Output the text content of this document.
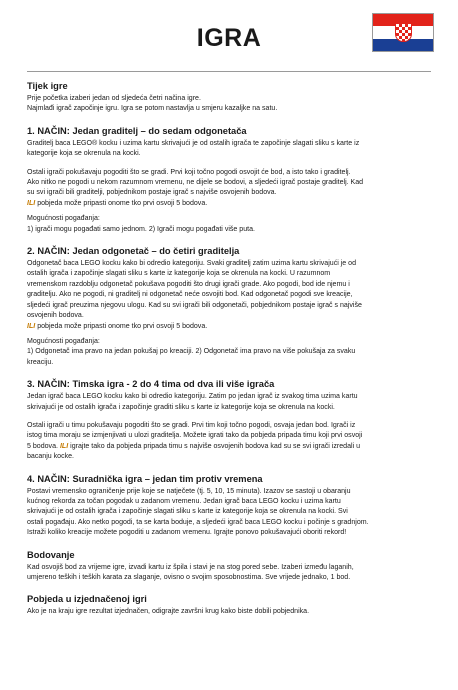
IGRA
Tijek igre
Prije početka izaberi jedan od sljedeća četri načina igre.
Najmlađi igrač započinje igru. Igra se potom nastavlja u smjeru kazaljke na satu.
1. NAČIN: Jedan graditelj – do sedam odgonetača
Graditelj baca LEGO® kocku i uzima kartu skrivajući je od ostalih igrača te započinje slagati sliku s karte iz
kategorije koja se okrenula na kocki.
Ostali igrači pokušavaju pogoditi što se gradi. Prvi koji točno pogodi osvojit će bod, a isto tako i graditelj.
Ako nitko ne pogodi u nekom razumnom vremenu, ne dijele se bodovi, a sljedeći igrač postaje graditelj. Kad
su svi igrači bili graditelji, pobjednikom postaje igrač s najviše osvojenih bodova.
ILI pobjeda može pripasti onome tko prvi osvoji 5 bodova.
Mogućnosti pogađanja:
1) igrači mogu pogađati samo jednom. 2) Igrači mogu pogađati više puta.
2. NAČIN: Jedan odgonetač – do četiri graditelja
Odgonetač baca LEGO kocku kako bi odredio kategoriju. Svaki graditelj zatim uzima kartu skrivajući je od
ostalih igrača i započinje slagati sliku s karte iz kategorije koja se okrenula na kocki. U razumnom
vremenskom razdoblju odgonetač pokušava pogoditi što drugi igrači grade. Ako pogodi, bod ide njemu i
graditelju. Ako ne pogodi, ni graditelj ni odgonetač neće osvojiti bod. Kad odgonetač pogodi sve kreacije,
sljedeći igrač preuzima njegovu ulogu. Kad su svi igrači bili odgonetači, pobjednikom postaje igrač s najviše
osvojenih bodova.
ILI pobjeda može pripasti onome tko prvi osvoji 5 bodova.
Mogućnosti pogađanja:
1) Odgonetač ima pravo na jedan pokušaj po kreaciji. 2) Odgonetač ima pravo na više pokušaja za svaku
kreaciju.
3. NAČIN: Timska igra - 2 do 4 tima od dva ili više igrača
Jedan igrač baca LEGO kocku kako bi odredio kategoriju. Zatim po jedan igrač iz svakog tima uzima kartu
skrivajući je od ostalih igrača i započinje graditi sliku s karte iz kategorije koja se okrenula na kocki.
Ostali igrači u timu pokušavaju pogoditi što se gradi. Prvi tim koji točno pogodi, osvaja jedan bod. Igrači iz
istog tima moraju se izmjenjivati u ulozi graditelja. Možete igrati tako da pobjeda pripada timu koji prvi osvoji
5 bodova. ILI igrajte tako da pobjeda pripada timu s najviše osvojenih bodova kad su se svi igrači izredali u
bacanju kocke.
4. NAČIN: Suradnička igra – jedan tim protiv vremena
Postavi vremensko ograničenje prije koje se natječete (tj. 5, 10, 15 minuta). Izazov se sastoji u obaranju
kućnog rekorda za točan pogodak u zadanom vremenu. Jedan igrač baca LEGO kocku i uzima kartu
skrivajući je od ostalih igrača i započinje slagati sliku s karte iz kategorije koja se okrenula na kocki. Svi
ostali pogađaju. Ako netko pogodi, ta se karta boduje, a sljedeći igrač baca LEGO kocku i počinje s gradnjom.
Istraži koliko kreacije možete pogoditi u zadanom vremenu. Igrajte ponovo pokušavajući oboriti rekord!
Bodovanje
Kad osvojiš bod za vrijeme igre, izvadi kartu iz špila i stavi je na stog pored sebe. Izaberi između laganih,
umjereno teških i teških karata za slaganje, ovisno o svojim sposobnostima. Sve vrijede jednako, 1 bod.
Pobjeda u izjednačenoj igri
Ako je na kraju igre rezultat izjednačen, odigrajte završni krug kako biste dobili pobjednika.
